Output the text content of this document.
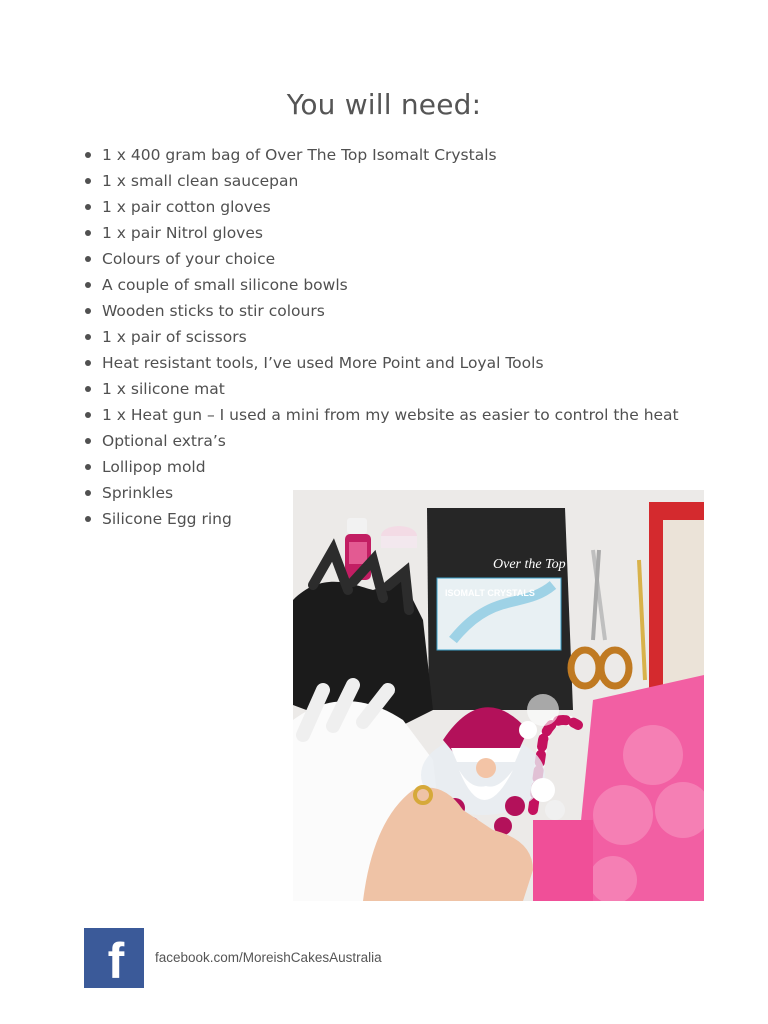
You will need:
1 x 400 gram bag of Over The Top Isomalt Crystals
1 x small clean saucepan
1 x pair cotton gloves
1 x pair Nitrol gloves
Colours of your choice
A couple of small silicone bowls
Wooden sticks to stir colours
1 x pair of scissors
Heat resistant tools, I’ve used More Point and Loyal Tools
1 x silicone mat
1 x Heat gun – I used a mini from my website as easier to control the heat
Optional extra’s
Lollipop mold
Sprinkles
Silicone Egg ring
Over the Top
ISOMALT CRYSTALS
f facebook.com/MoreishCakesAustralia
